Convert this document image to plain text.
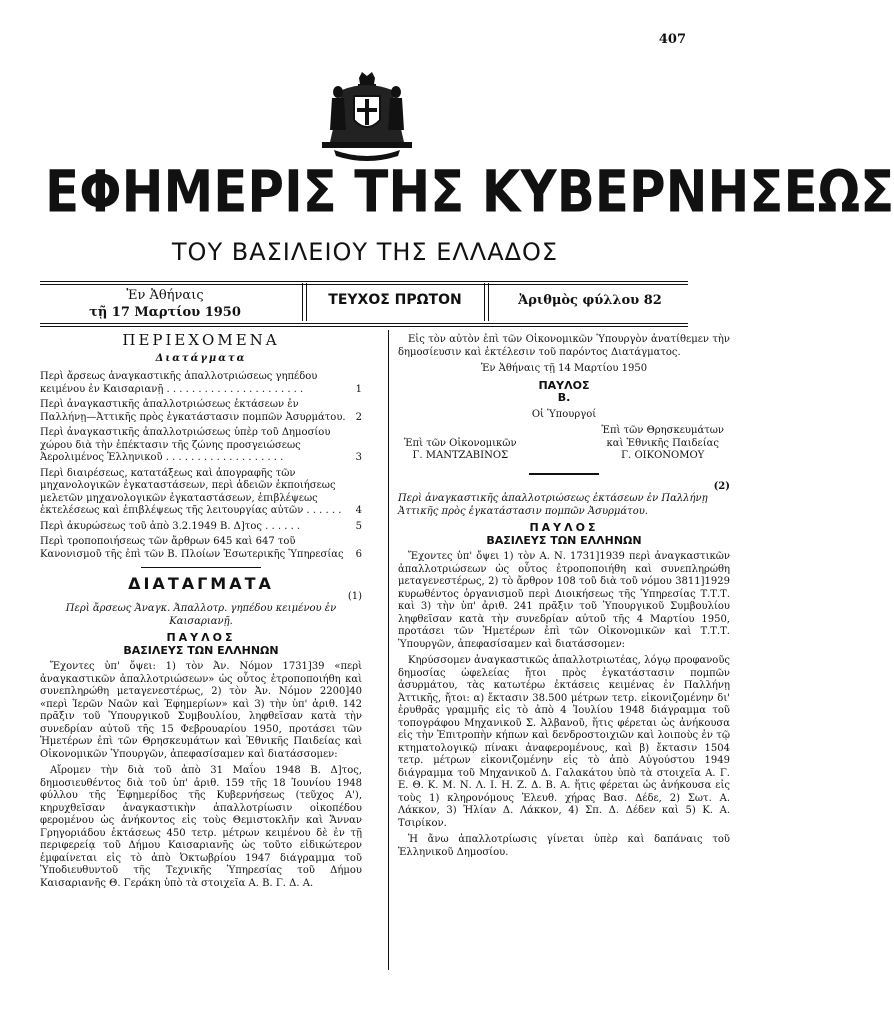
407
ΕΦΗΜΕΡΙΣ ΤΗΣ ΚΥΒΕΡΝΗΣΕΩΣ
ΤΟΥ ΒΑΣΙΛΕΙΟΥ ΤΗΣ ΕΛΛΑΔΟΣ
Ἐν Ἀθήναις
τῇ 17 Μαρτίου 1950
ΤΕΥΧΟΣ ΠΡΩΤΟΝ	Ἀριθμὸς φύλλου 82
ΠΕΡΙΕΧΟΜΕΝΑ
Διατάγματα
Περὶ ἄρσεως ἀναγκαστικῆς ἀπαλλοτριώσεως γηπέδου κειμένου ἐν Καισαριανῇ . . . . . . . . . . . . . . . . . . . . . .	1
Περὶ ἀναγκαστικῆς ἀπαλλοτριώσεως ἐκτάσεων ἐν Παλλήνῃ—Ἀττικῆς πρὸς ἐγκατάστασιν πομπῶν Ἀσυρμάτου. 2
Περὶ ἀναγκαστικῆς ἀπαλλοτριώσεως ὑπὲρ τοῦ Δημοσίου χώρου διὰ τὴν ἐπέκτασιν τῆς ζώνης προσγειώσεως Ἀερολιμένος Ἑλληνικοῦ . . . . . . . . . . . . . . . . . . .	3
Περὶ διαιρέσεως, κατατάξεως καὶ ἀπογραφῆς τῶν μηχανολογικῶν ἐγκαταστάσεων, περὶ ἀδειῶν ἐκποιήσεως μελετῶν μηχανολογικῶν ἐγκαταστάσεων, ἐπιβλέψεως ἐκτελέσεως καὶ ἐπιβλέψεως τῆς λειτουργίας αὐτῶν . . . . . . 4
Περὶ ἀκυρώσεως τοῦ ἀπὸ 3.2.1949 Β. Δ]τος . . . . . .	5
Περὶ τροποποιήσεως τῶν ἄρθρων 645 καὶ 647 τοῦ Κανονισμοῦ τῆς ἐπὶ τῶν Β. Πλοίων Ἐσωτερικῆς Ὑπηρεσίας 6
ΔΙΑΤΑΓΜΑΤΑ
(1)
Περὶ ἄρσεως Ἀναγκ. Ἀπαλλοτρ. γηπέδου κειμένου ἐν Καισαριανῇ.
ΠΑΥΛΟΣ
ΒΑΣΙΛΕΥΣ ΤΩΝ ΕΛΛΗΝΩΝ
Ἔχοντες ὑπ' ὄψει: 1) τὸν Ἀν. Νόμον 1731]39 «περὶ ἀναγκαστικῶν ἀπαλλοτριώσεων» ὡς οὗτος ἐτροποποιήθη καὶ συνεπληρώθη μεταγενεστέρως, 2) τὸν Ἀν. Νόμον 2200]40 «περὶ Ἱερῶν Ναῶν καὶ Ἐφημερίων» καὶ 3) τὴν ὑπ' ἀριθ. 142 πρᾶξιν τοῦ Ὑπουργικοῦ Συμβουλίου, ληφθεῖσαν κατὰ τὴν συνεδρίαν αὐτοῦ τῆς 15 Φεβρουαρίου 1950, προτάσει τῶν Ἡμετέρων ἐπὶ τῶν Θρησκευμάτων καὶ Ἐθνικῆς Παιδείας καὶ Οἰκονομικῶν Ὑπουργῶν, ἀπεφασίσαμεν καὶ διατάσσομεν:
Αἴρομεν τὴν διὰ τοῦ ἀπὸ 31 Μαΐου 1948 Β. Δ]τος, δημοσιευθέντος διὰ τοῦ ὑπ' ἀριθ. 159 τῆς 18 Ἰουνίου 1948 φύλλου τῆς Ἐφημερίδος τῆς Κυβερνήσεως (τεῦχος Α'), κηρυχθεῖσαν ἀναγκαστικὴν ἀπαλλοτρίωσιν οἰκοπέδου φερομένου ὡς ἀνήκοντος εἰς τοὺς Θεμιστοκλῆν καὶ Ἄνναν Γρηγοριάδου ἐκτάσεως 450 τετρ. μέτρων κειμένου δὲ ἐν τῇ περιφερείᾳ τοῦ Δήμου Καισαριανῆς ὡς τοῦτο εἰδικώτερον ἐμφαίνεται εἰς τὸ ἀπὸ Ὀκτωβρίου 1947 διάγραμμα τοῦ Ὑποδιευθυντοῦ τῆς Τεχνικῆς Ὑπηρεσίας τοῦ Δήμου Καισαριανῆς Θ. Γεράκη ὑπὸ τὰ στοιχεῖα Α. Β. Γ. Δ. Α.
Εἰς τὸν αὐτὸν ἐπὶ τῶν Οἰκονομικῶν Ὑπουργὸν ἀνατίθεμεν τὴν δημοσίευσιν καὶ ἐκτέλεσιν τοῦ παρόντος Διατάγματος.
Ἐν Ἀθήναις τῇ 14 Μαρτίου 1950
ΠΑΥΛΟΣ
Β.
Οἱ Ὑπουργοί
Ἐπὶ τῶν Οἰκονομικῶν
Γ. ΜΑΝΤΖΑΒΙΝΟΣ
Ἐπὶ τῶν Θρησκευμάτων
καὶ Ἐθνικῆς Παιδείας
Γ. ΟΙΚΟΝΟΜΟΥ
(2)
Περὶ ἀναγκαστικῆς ἀπαλλοτριώσεως ἐκτάσεων ἐν Παλλήνῃ Ἀττικῆς πρὸς ἐγκατάστασιν πομπῶν Ἀσυρμάτου.
ΠΑΥΛΟΣ
ΒΑΣΙΛΕΥΣ ΤΩΝ ΕΛΛΗΝΩΝ
Ἔχοντες ὑπ' ὄψει 1) τὸν Α. Ν. 1731]1939 περὶ ἀναγκαστικῶν ἀπαλλοτριώσεων ὡς οὗτος ἐτροποποιήθη καὶ συνεπληρώθη μεταγενεστέρως, 2) τὸ ἄρθρον 108 τοῦ διὰ τοῦ νόμου 3811]1929 κυρωθέντος ὀργανισμοῦ περὶ Διοικήσεως τῆς Ὑπηρεσίας Τ.Τ.Τ. καὶ 3) τὴν ὑπ' ἀριθ. 241 πρᾶξιν τοῦ Ὑπουργικοῦ Συμβουλίου ληφθεῖσαν κατὰ τὴν συνεδρίαν αὐτοῦ τῆς 4 Μαρτίου 1950, προτάσει τῶν Ἡμετέρων ἐπὶ τῶν Οἰκονομικῶν καὶ Τ.Τ.Τ. Ὑπουργῶν, ἀπεφασίσαμεν καὶ διατάσσομεν:
Κηρύσσομεν ἀναγκαστικῶς ἀπαλλοτριωτέας, λόγῳ προφανοῦς δημοσίας ὠφελείας ἤτοι πρὸς ἐγκατάστασιν πομπῶν ἀσυρμάτου, τὰς κατωτέρω ἐκτάσεις κειμένας ἐν Παλλήνῃ Ἀττικῆς, ἤτοι: α) ἔκτασιν 38.500 μέτρων τετρ. εἰκονιζομένην δι' ἐρυθρᾶς γραμμῆς εἰς τὸ ἀπὸ 4 Ἰουλίου 1948 διάγραμμα τοῦ τοπογράφου Μηχανικοῦ Σ. Ἀλβανοῦ, ἥτις φέρεται ὡς ἀνήκουσα εἰς τὴν Ἐπιτροπὴν κήπων καὶ δενδροστοιχιῶν καὶ λοιποὺς ἐν τῷ κτηματολογικῷ πίνακι ἀναφερομένους, καὶ β) ἔκτασιν 1504 τετρ. μέτρων εἰκονιζομένην εἰς τὸ ἀπὸ Αὐγούστου 1949 διάγραμμα τοῦ Μηχανικοῦ Δ. Γαλακάτου ὑπὸ τὰ στοιχεῖα Α. Γ. Ε. Θ. Κ. Μ. Ν. Λ. Ι. Η. Ζ. Δ. Β. Α. ἥτις φέρεται ὡς ἀνήκουσα εἰς τοὺς 1) κληρονόμους Ἐλευθ. χήρας Βασ. Δέδε, 2) Σωτ. Α. Λάκκον, 3) Ἠλίαν Δ. Λάκκον, 4) Σπ. Δ. Δέδεν καὶ 5) Κ. Α. Τσιρίκον.
Ἡ ἄνω ἀπαλλοτρίωσις γίνεται ὑπὲρ καὶ δαπάναις τοῦ Ἑλληνικοῦ Δημοσίου.
